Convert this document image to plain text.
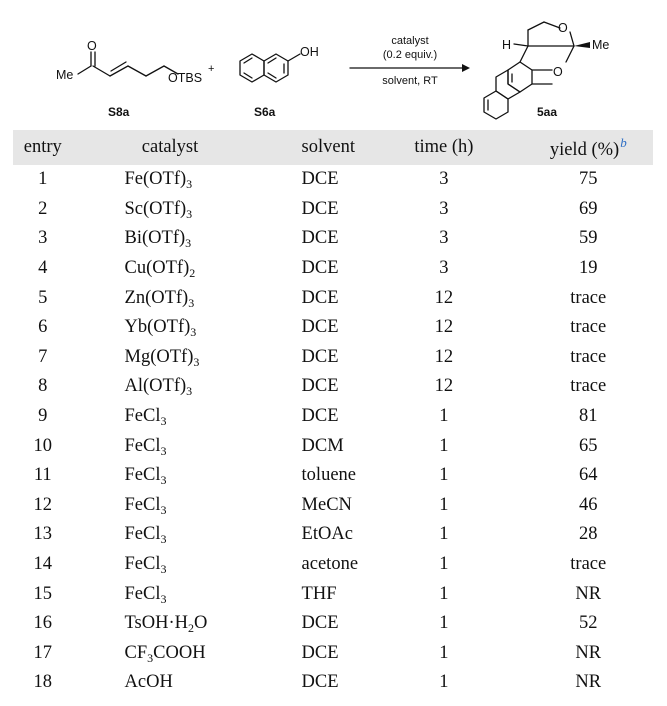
Me
O
OTBS
+
S8a
OH
S6a
catalyst
(0.2 equiv.)
solvent, RT
O
O
H	Me
5aa
entry	catalyst	solvent	time (h)	yield (%)$^b$
1	$Fe(OTf)_3$	DCE	3	75
2	$Sc(OTf)_3$	DCE	3	69
3	$Bi(OTf)_3$	DCE	3	59
4	$Cu(OTf)_2$	DCE	3	19
5	$Zn(OTf)_3$	DCE	12	trace
6	$Yb(OTf)_3$	DCE	12	trace
7	$Mg(OTf)_3$	DCE	12	trace
8	$Al(OTf)_3$	DCE	12	trace
9	FeCl$_3$	DCE	1	81
10	FeCl$_3$	DCM	1	65
11	FeCl$_3$	toluene	1	64
12	FeCl$_3$	MeCN	1	46
13	FeCl$_3$	EtOAc	1	28
14	FeCl$_3$	acetone	1	trace
15	FeCl$_3$	THF	1	NR
16	$TsOH\cdot H_2O$	DCE	1	52
17	$CF_3COOH$	DCE	1	NR
18	AcOH	DCE	1	NR
